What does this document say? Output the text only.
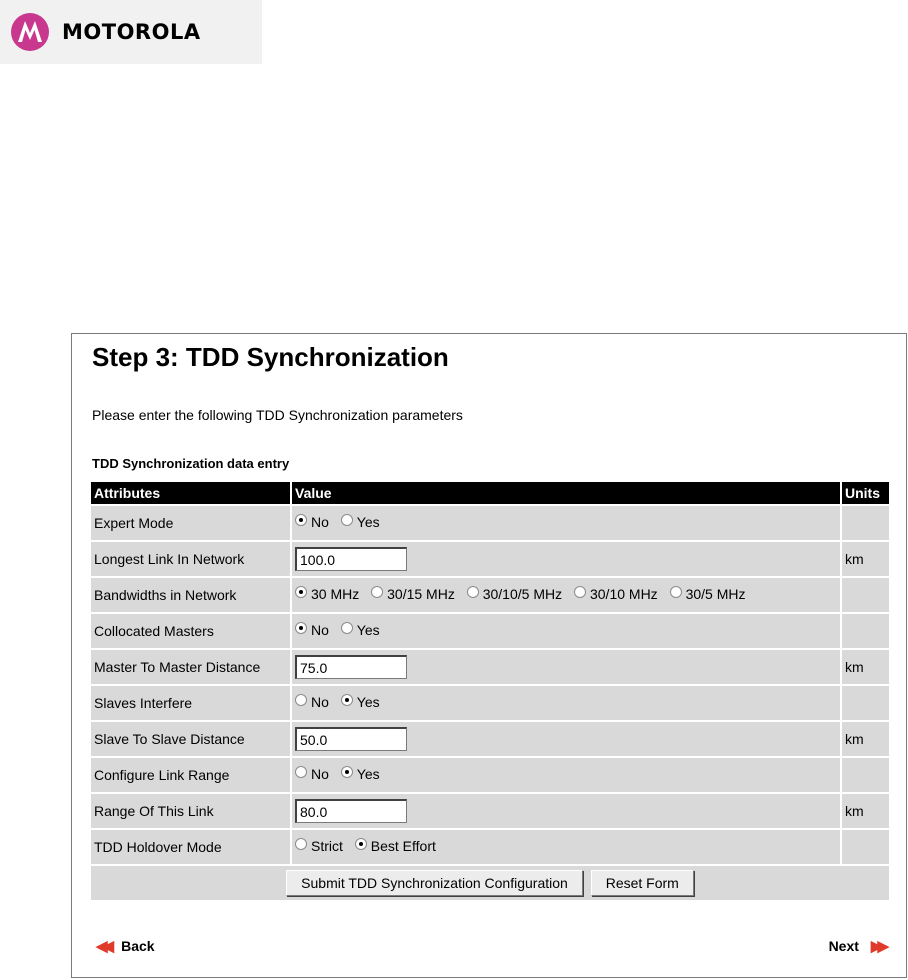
MOTOROLA
Step 3: TDD Synchronization
Please enter the following TDD Synchronization parameters
TDD Synchronization data entry
Attributes	Value	Units
Expert Mode	No
Yes	

Longest Link In Network	100.0	km
Bandwidths in Network	30 MHz
30/15 MHz
30/10/5 MHz
30/10 MHz
30/5 MHz	

Collocated Masters	No
Yes	

Master To Master Distance	75.0	km
Slaves Interfere	No
Yes	

Slave To Slave Distance	50.0	km
Configure Link Range	No
Yes	

Range Of This Link	80.0	km
TDD Holdover Mode	Strict
Best Effort	

Submit TDD Synchronization Configuration Reset Form		
◀◀ Back	Next ▶▶
